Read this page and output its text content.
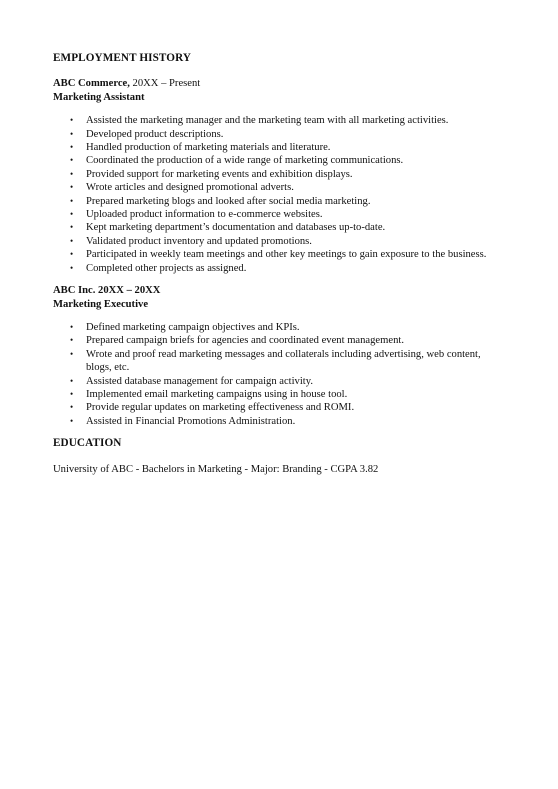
EMPLOYMENT HISTORY
ABC Commerce, 20XX – Present
Marketing Assistant
• Assisted the marketing manager and the marketing team with all marketing activities.
• Developed product descriptions.
• Handled production of marketing materials and literature.
• Coordinated the production of a wide range of marketing communications.
• Provided support for marketing events and exhibition displays.
• Wrote articles and designed promotional adverts.
• Prepared marketing blogs and looked after social media marketing.
• Uploaded product information to e-commerce websites.
• Kept marketing department’s documentation and databases up-to-date.
• Validated product inventory and updated promotions.
• Participated in weekly team meetings and other key meetings to gain exposure to the business.
• Completed other projects as assigned.
ABC Inc. 20XX – 20XX
Marketing Executive
• Defined marketing campaign objectives and KPIs.
• Prepared campaign briefs for agencies and coordinated event management.
• Wrote and proof read marketing messages and collaterals including advertising, web content, blogs, etc.
• Assisted database management for campaign activity.
• Implemented email marketing campaigns using in house tool.
• Provide regular updates on marketing effectiveness and ROMI.
• Assisted in Financial Promotions Administration.
EDUCATION
University of ABC - Bachelors in Marketing - Major: Branding - CGPA 3.82
